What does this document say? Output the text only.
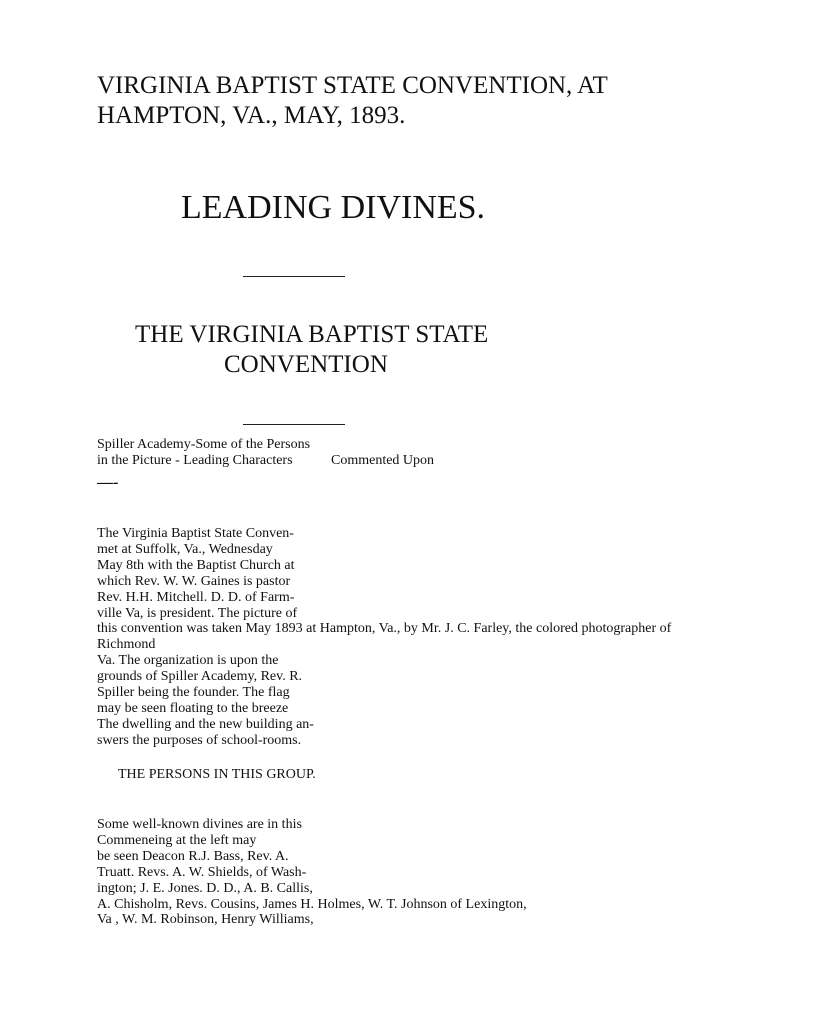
VIRGINIA BAPTIST STATE CONVENTION, AT
HAMPTON, VA., MAY, 1893.
LEADING DIVINES.
THE VIRGINIA BAPTIST STATE
CONVENTION
Spiller Academy-Some of the Persons
in the Picture - Leading Characters	Commented Upon
—-
The Virginia Baptist State Conven-
met at Suffolk, Va., Wednesday
May 8th with the Baptist Church at
which Rev. W. W. Gaines is pastor
Rev. H.H. Mitchell. D. D. of Farm-
ville Va, is president. The picture of
this convention was taken May 1893 at Hampton, Va., by Mr. J. C. Farley, the colored photographer of
Richmond
Va. The organization is upon the
grounds of Spiller Academy, Rev. R.
Spiller being the founder. The flag
may be seen floating to the breeze
The dwelling and the new building an-
swers the purposes of school-rooms.
THE PERSONS IN THIS GROUP.
Some well-known divines are in this
Commeneing at the left may
be seen Deacon R.J. Bass, Rev. A.
Truatt. Revs. A. W. Shields, of Wash-
ington; J. E. Jones. D. D., A. B. Callis,
A. Chisholm, Revs. Cousins, James H. Holmes, W. T. Johnson of Lexington,
Va , W. M. Robinson, Henry Williams,
